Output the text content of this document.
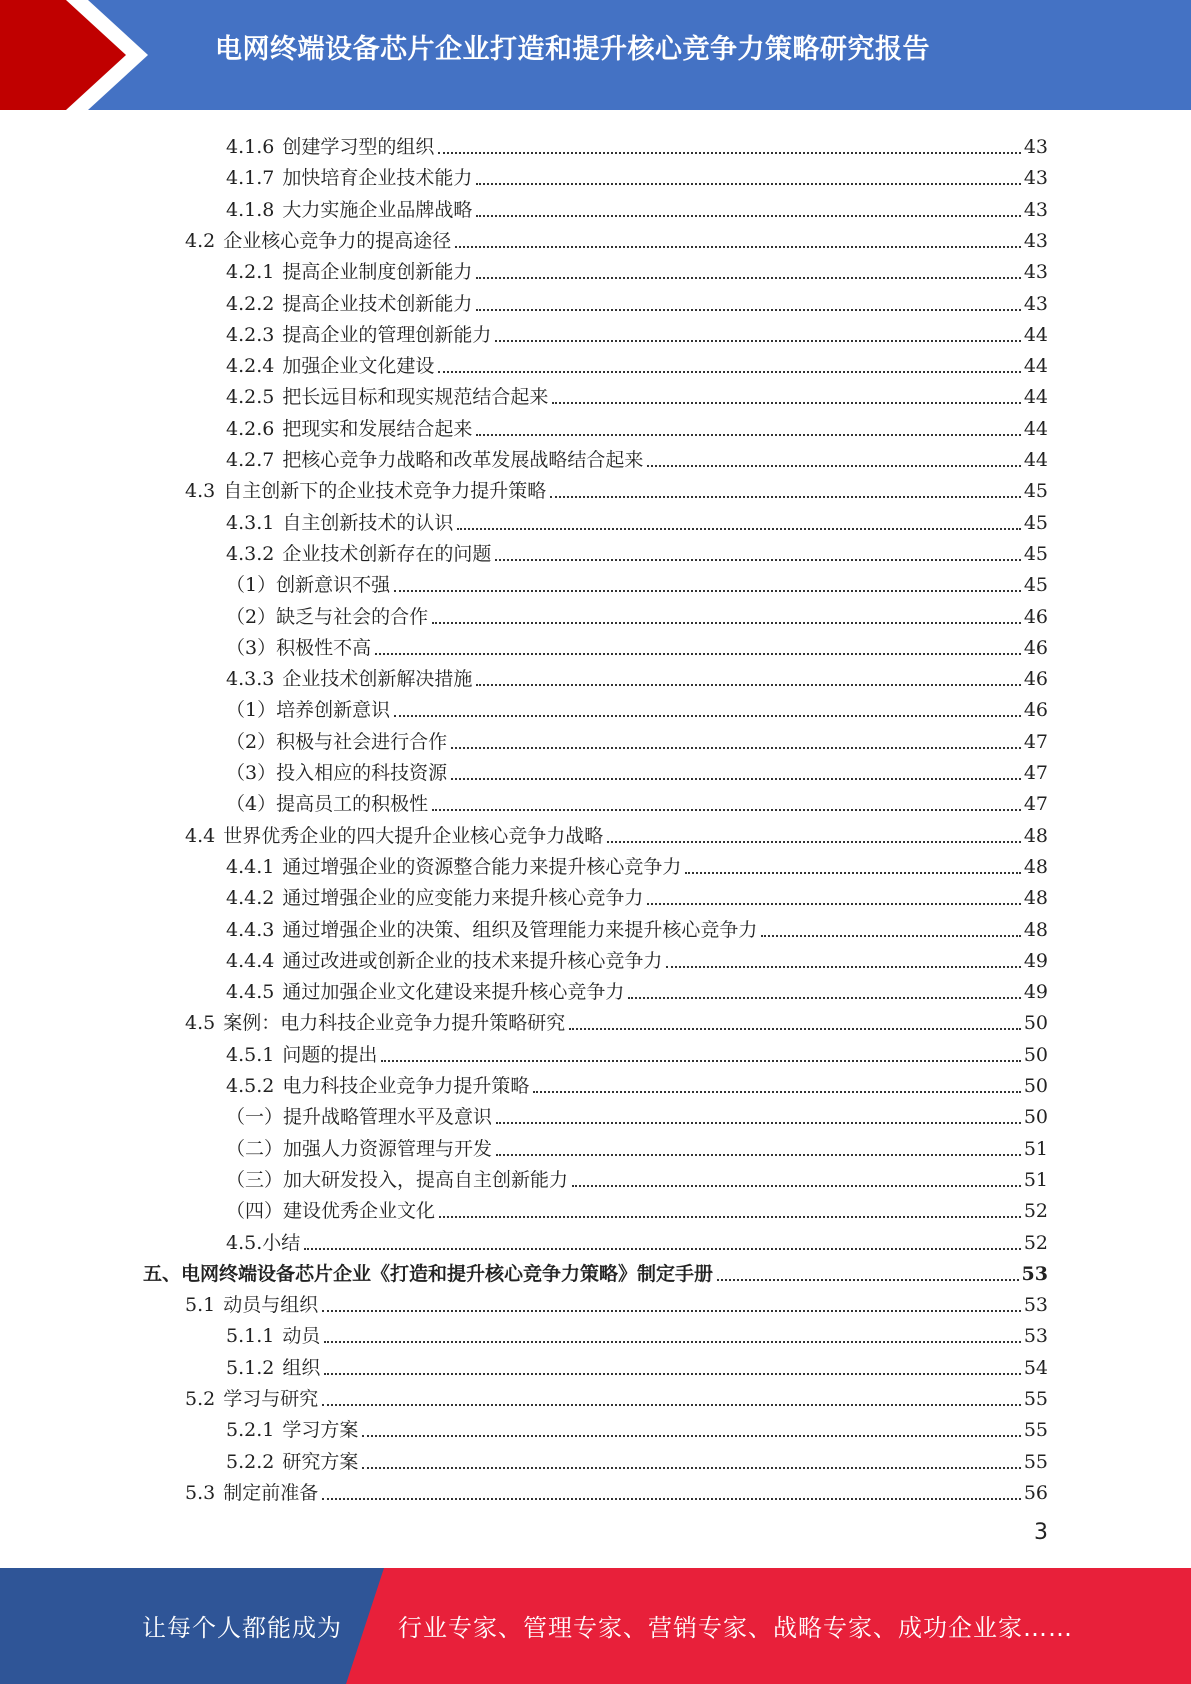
电网终端设备芯片企业打造和提升核心竞争力策略研究报告
4.1.6 创建学习型的组织	43
4.1.7 加快培育企业技术能力	43
4.1.8 大力实施企业品牌战略	43
4.2 企业核心竞争力的提高途径	43
4.2.1 提高企业制度创新能力	43
4.2.2 提高企业技术创新能力	43
4.2.3 提高企业的管理创新能力	44
4.2.4 加强企业文化建设	44
4.2.5 把长远目标和现实规范结合起来	44
4.2.6 把现实和发展结合起来	44
4.2.7 把核心竞争力战略和改革发展战略结合起来	44
4.3 自主创新下的企业技术竞争力提升策略	45
4.3.1 自主创新技术的认识	45
4.3.2 企业技术创新存在的问题	45
（1）创新意识不强	45
（2）缺乏与社会的合作	46
（3）积极性不高	46
4.3.3 企业技术创新解决措施	46
（1）培养创新意识	46
（2）积极与社会进行合作	47
（3）投入相应的科技资源	47
（4）提高员工的积极性	47
4.4 世界优秀企业的四大提升企业核心竞争力战略	48
4.4.1 通过增强企业的资源整合能力来提升核心竞争力	48
4.4.2 通过增强企业的应变能力来提升核心竞争力	48
4.4.3 通过增强企业的决策、组织及管理能力来提升核心竞争力	48
4.4.4 通过改进或创新企业的技术来提升核心竞争力	49
4.4.5 通过加强企业文化建设来提升核心竞争力	49
4.5 案例：电力科技企业竞争力提升策略研究	50
4.5.1 问题的提出	50
4.5.2 电力科技企业竞争力提升策略	50
（一）提升战略管理水平及意识	50
（二）加强人力资源管理与开发	51
（三）加大研发投入，提高自主创新能力	51
（四）建设优秀企业文化	52
4.5.小结	52
五、电网终端设备芯片企业《打造和提升核心竞争力策略》制定手册	53
5.1 动员与组织	53
5.1.1 动员	53
5.1.2 组织	54
5.2 学习与研究	55
5.2.1 学习方案	55
5.2.2 研究方案	55
5.3 制定前准备	56
3
让每个人都能成为 行业专家、管理专家、营销专家、战略专家、成功企业家……
